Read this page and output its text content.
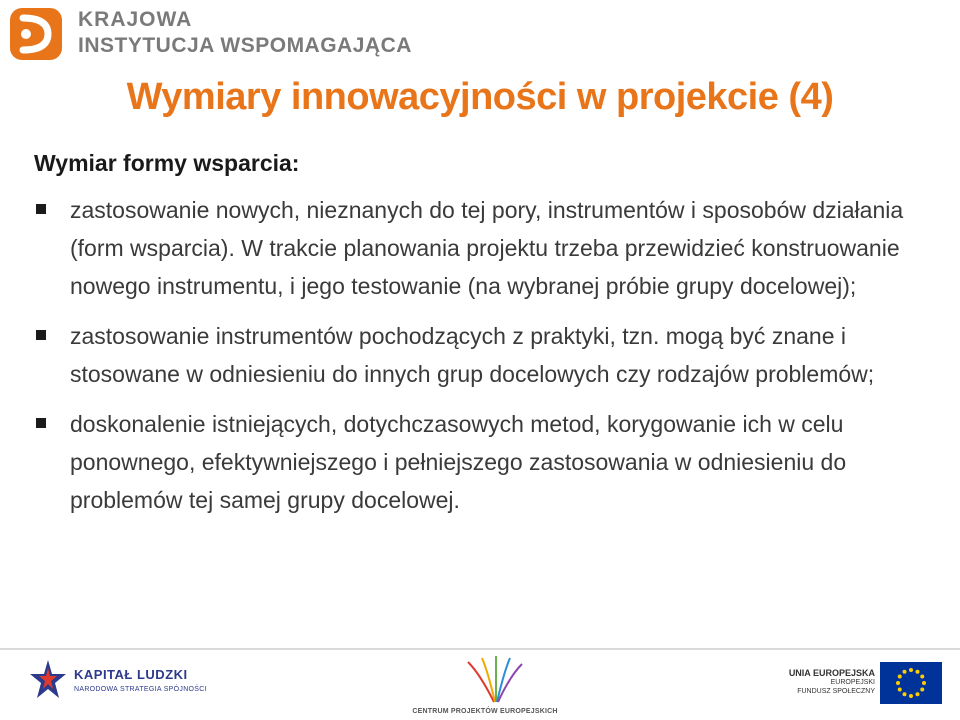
KRAJOWA
INSTYTUCJA WSPOMAGAJĄCA
Wymiary innowacyjności w projekcie (4)
Wymiar formy wsparcia:
zastosowanie nowych, nieznanych do tej pory, instrumentów i sposobów działania (form wsparcia). W trakcie planowania projektu trzeba przewidzieć konstruowanie nowego instrumentu, i jego testowanie (na wybranej próbie grupy docelowej);
zastosowanie instrumentów pochodzących z praktyki, tzn. mogą być znane i stosowane w odniesieniu do innych grup docelowych czy rodzajów problemów;
doskonalenie istniejących, dotychczasowych metod, korygowanie ich w celu ponownego, efektywniejszego i pełniejszego zastosowania w odniesieniu do problemów tej samej grupy docelowej.
KAPITAŁ LUDZKI
NARODOWA STRATEGIA SPÓJNOŚCI
CENTRUM PROJEKTÓW EUROPEJSKICH
UNIA EUROPEJSKA
EUROPEJSKI
FUNDUSZ SPOŁECZNY
